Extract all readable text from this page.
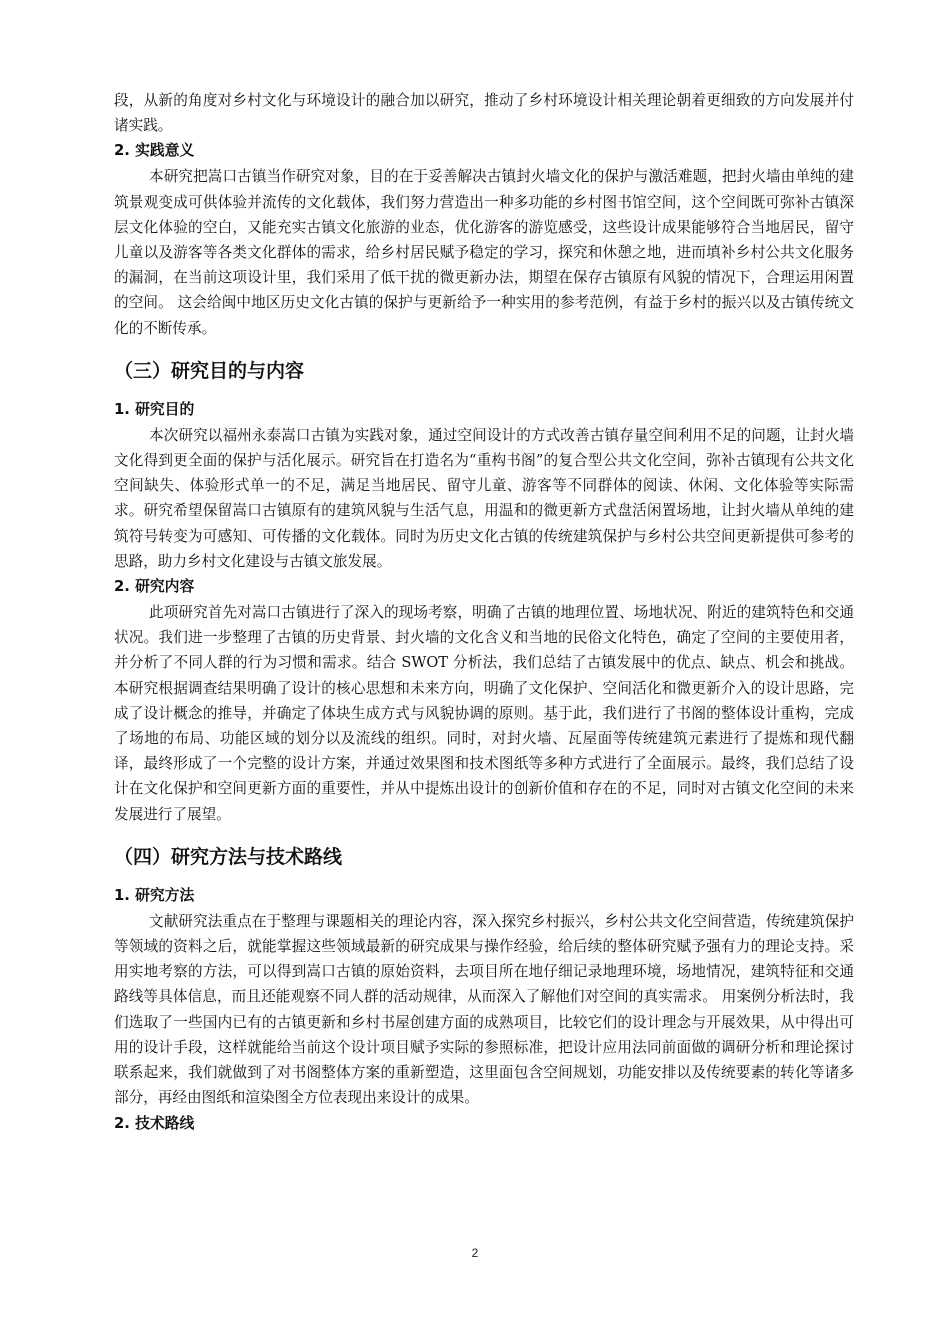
段，从新的角度对乡村文化与环境设计的融合加以研究，推动了乡村环境设计相关理论朝着更细致的方向发展并付诸实践。

2. 实践意义

本研究把嵩口古镇当作研究对象，目的在于妥善解决古镇封火墙文化的保护与激活难题，把封火墙由单纯的建筑景观变成可供体验并流传的文化载体，我们努力营造出一种多功能的乡村图书馆空间，这个空间既可弥补古镇深层文化体验的空白，又能充实古镇文化旅游的业态，优化游客的游览感受，这些设计成果能够符合当地居民，留守儿童以及游客等各类文化群体的需求，给乡村居民赋予稳定的学习，探究和休憩之地，进而填补乡村公共文化服务的漏洞，在当前这项设计里，我们采用了低干扰的微更新办法，期望在保存古镇原有风貌的情况下，合理运用闲置的空间。 这会给闽中地区历史文化古镇的保护与更新给予一种实用的参考范例，有益于乡村的振兴以及古镇传统文化的不断传承。

（三）研究目的与内容

1. 研究目的

本次研究以福州永泰嵩口古镇为实践对象，通过空间设计的方式改善古镇存量空间利用不足的问题，让封火墙文化得到更全面的保护与活化展示。研究旨在打造名为“重构书阁”的复合型公共文化空间，弥补古镇现有公共文化空间缺失、体验形式单一的不足，满足当地居民、留守儿童、游客等不同群体的阅读、休闲、文化体验等实际需求。研究希望保留嵩口古镇原有的建筑风貌与生活气息，用温和的微更新方式盘活闲置场地，让封火墙从单纯的建筑符号转变为可感知、可传播的文化载体。同时为历史文化古镇的传统建筑保护与乡村公共空间更新提供可参考的思路，助力乡村文化建设与古镇文旅发展。

2. 研究内容

此项研究首先对嵩口古镇进行了深入的现场考察，明确了古镇的地理位置、场地状况、附近的建筑特色和交通状况。我们进一步整理了古镇的历史背景、封火墙的文化含义和当地的民俗文化特色，确定了空间的主要使用者，并分析了不同人群的行为习惯和需求。结合 SWOT 分析法，我们总结了古镇发展中的优点、缺点、机会和挑战。本研究根据调查结果明确了设计的核心思想和未来方向，明确了文化保护、空间活化和微更新介入的设计思路，完成了设计概念的推导，并确定了体块生成方式与风貌协调的原则。基于此，我们进行了书阁的整体设计重构，完成了场地的布局、功能区域的划分以及流线的组织。同时，对封火墙、瓦屋面等传统建筑元素进行了提炼和现代翻译，最终形成了一个完整的设计方案，并通过效果图和技术图纸等多种方式进行了全面展示。最终，我们总结了设计在文化保护和空间更新方面的重要性，并从中提炼出设计的创新价值和存在的不足，同时对古镇文化空间的未来发展进行了展望。

（四）研究方法与技术路线

1. 研究方法

文献研究法重点在于整理与课题相关的理论内容，深入探究乡村振兴，乡村公共文化空间营造，传统建筑保护等领域的资料之后，就能掌握这些领域最新的研究成果与操作经验，给后续的整体研究赋予强有力的理论支持。采用实地考察的方法，可以得到嵩口古镇的原始资料，去项目所在地仔细记录地理环境，场地情况，建筑特征和交通路线等具体信息，而且还能观察不同人群的活动规律，从而深入了解他们对空间的真实需求。 用案例分析法时，我们选取了一些国内已有的古镇更新和乡村书屋创建方面的成熟项目，比较它们的设计理念与开展效果，从中得出可用的设计手段，这样就能给当前这个设计项目赋予实际的参照标准，把设计应用法同前面做的调研分析和理论探讨联系起来，我们就做到了对书阁整体方案的重新塑造，这里面包含空间规划，功能安排以及传统要素的转化等诸多部分，再经由图纸和渲染图全方位表现出来设计的成果。

2. 技术路线

2
